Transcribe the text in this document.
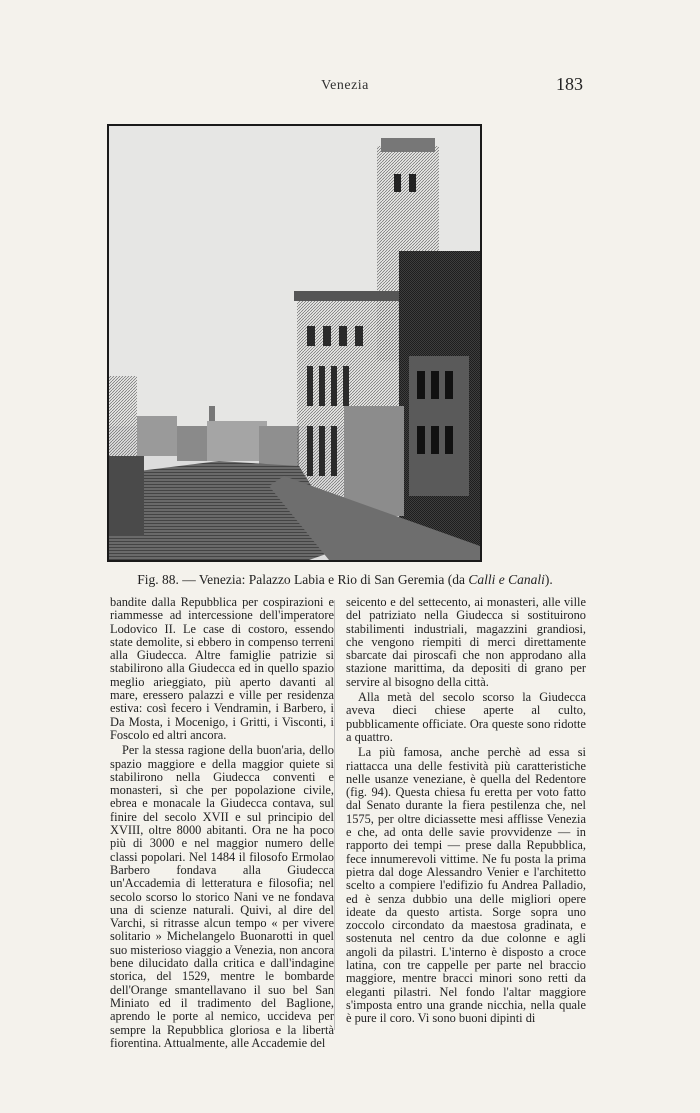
Venezia	183
Fig. 88. — Venezia: Palazzo Labia e Rio di San Geremia (da Calli e Canali).

bandite dalla Repubblica per cospirazioni e riammesse ad intercessione dell'imperatore Lodovico II. Le case di costoro, essendo state demolite, si ebbero in compenso terreni alla Giudecca. Altre famiglie patrizie si stabilirono alla Giudecca ed in quello spazio meglio arieggiato, più aperto davanti al mare, eressero palazzi e ville per residenza estiva: così fecero i Vendramin, i Barbero, i Da Mosta, i Mocenigo, i Gritti, i Visconti, i Foscolo ed altri ancora.

Per la stessa ragione della buon'aria, dello spazio maggiore e della maggior quiete si stabilirono nella Giudecca conventi e monasteri, sì che per popolazione civile, ebrea e monacale la Giudecca contava, sul finire del secolo XVII e sul principio del XVIII, oltre 8000 abitanti. Ora ne ha poco più di 3000 e nel maggior numero delle classi popolari. Nel 1484 il filosofo Ermolao Barbero fondava alla Giudecca un'Accademia di letteratura e filosofia; nel secolo scorso lo storico Nani ve ne fondava una di scienze naturali. Quivi, al dire del Varchi, si ritrasse alcun tempo « per vivere solitario » Michelangelo Buonarotti in quel suo misterioso viaggio a Venezia, non ancora bene dilucidato dalla critica e dall'indagine storica, del 1529, mentre le bombarde dell'Orange smantellavano il suo bel San Miniato ed il tradimento del Baglione, aprendo le porte al nemico, uccideva per sempre la Repubblica gloriosa e la libertà fiorentina. Attualmente, alle Accademie del

seicento e del settecento, ai monasteri, alle ville del patriziato nella Giudecca si sostituirono stabilimenti industriali, magazzini grandiosi, che vengono riempiti di merci direttamente sbarcate dai piroscafi che non approdano alla stazione marittima, da depositi di grano per servire al bisogno della città.

Alla metà del secolo scorso la Giudecca aveva dieci chiese aperte al culto, pubblicamente officiate. Ora queste sono ridotte a quattro.

La più famosa, anche perchè ad essa si riattacca una delle festività più caratteristiche nelle usanze veneziane, è quella del Redentore (fig. 94). Questa chiesa fu eretta per voto fatto dal Senato durante la fiera pestilenza che, nel 1575, per oltre diciassette mesi afflisse Venezia e che, ad onta delle savie provvidenze — in rapporto dei tempi — prese dalla Repubblica, fece innumerevoli vittime. Ne fu posta la prima pietra dal doge Alessandro Venier e l'architetto scelto a compiere l'edifizio fu Andrea Palladio, ed è senza dubbio una delle migliori opere ideate da questo artista. Sorge sopra uno zoccolo circondato da maestosa gradinata, e sostenuta nel centro da due colonne e agli angoli da pilastri. L'interno è disposto a croce latina, con tre cappelle per parte nel braccio maggiore, mentre bracci minori sono retti da eleganti pilastri. Nel fondo l'altar maggiore s'imposta entro una grande nicchia, nella quale è pure il coro. Vi sono buoni dipinti di
